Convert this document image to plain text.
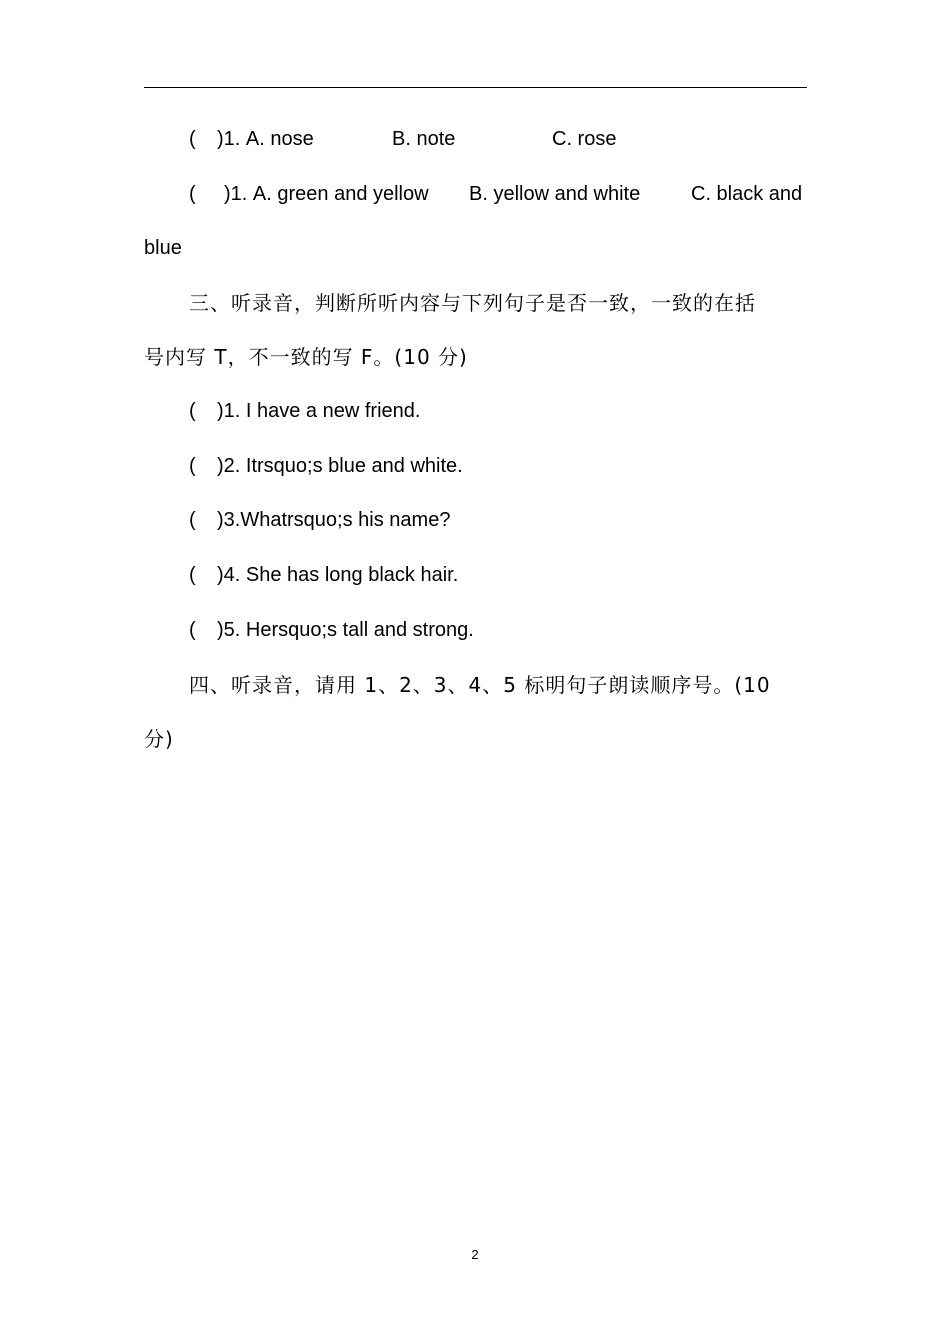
( )1. A. nose	B. note	C. rose
( )1. A. green and yellow B. yellow and white	C. black and
blue
三、听录音，判断所听内容与下列句子是否一致，一致的在括
号内写 T，不一致的写 F。(10 分)
( )1. I have a new friend.
( )2. Itrsquo;s blue and white.
( )3.Whatrsquo;s his name?
( )4. She has long black hair.
( )5. Hersquo;s tall and strong.
四、听录音，请用 1、2、3、4、5 标明句子朗读顺序号。(10
分)
2
